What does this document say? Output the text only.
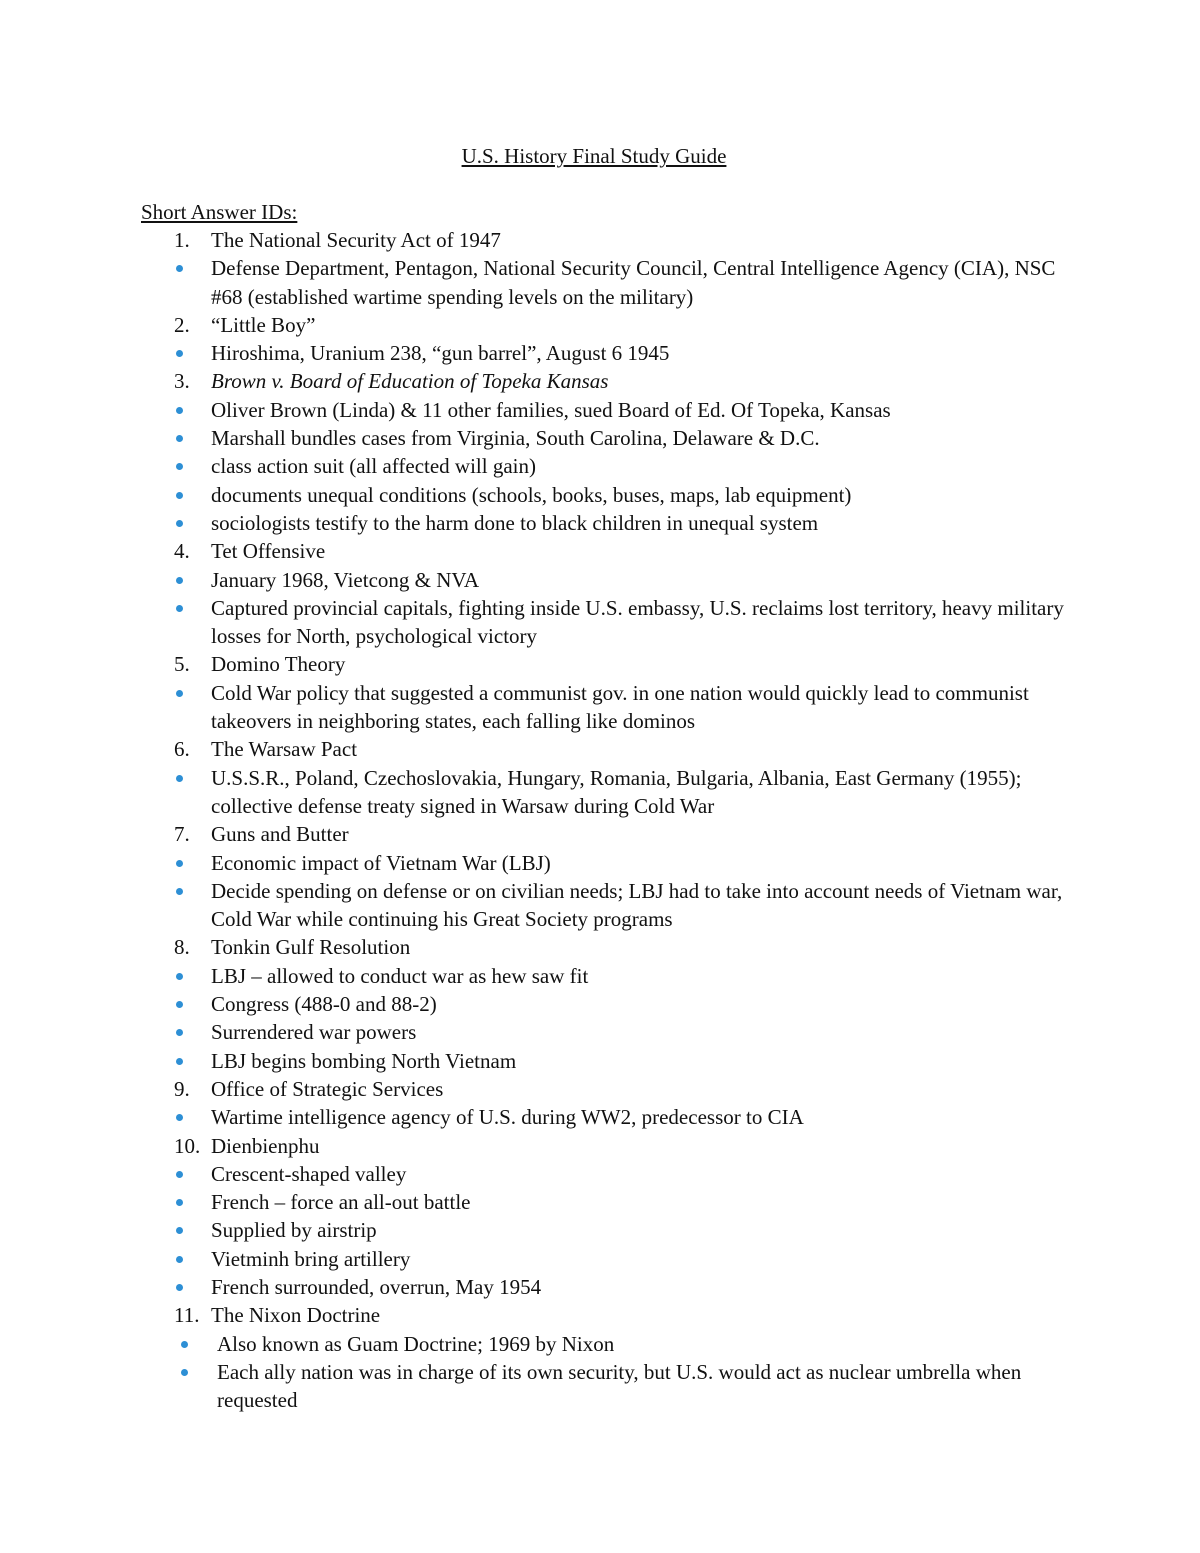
U.S. History Final Study Guide
Short Answer IDs:
1. The National Security Act of 1947
Defense Department, Pentagon, National Security Council, Central Intelligence Agency (CIA), NSC #68 (established wartime spending levels on the military)
2. “Little Boy”
Hiroshima, Uranium 238, “gun barrel”, August 6 1945
3. Brown v. Board of Education of Topeka Kansas
Oliver Brown (Linda) & 11 other families, sued Board of Ed. Of Topeka, Kansas
Marshall bundles cases from Virginia, South Carolina, Delaware & D.C.
class action suit (all affected will gain)
documents unequal conditions (schools, books, buses, maps, lab equipment)
sociologists testify to the harm done to black children in unequal system
4. Tet Offensive
January 1968, Vietcong & NVA
Captured provincial capitals, fighting inside U.S. embassy, U.S. reclaims lost territory, heavy military losses for North, psychological victory
5. Domino Theory
Cold War policy that suggested a communist gov. in one nation would quickly lead to communist takeovers in neighboring states, each falling like dominos
6. The Warsaw Pact
U.S.S.R., Poland, Czechoslovakia, Hungary, Romania, Bulgaria, Albania, East Germany (1955); collective defense treaty signed in Warsaw during Cold War
7. Guns and Butter
Economic impact of Vietnam War (LBJ)
Decide spending on defense or on civilian needs; LBJ had to take into account needs of Vietnam war, Cold War while continuing his Great Society programs
8. Tonkin Gulf Resolution
LBJ – allowed to conduct war as hew saw fit
Congress (488-0 and 88-2)
Surrendered war powers
LBJ begins bombing North Vietnam
9. Office of Strategic Services
Wartime intelligence agency of U.S. during WW2, predecessor to CIA
10. Dienbienphu
Crescent-shaped valley
French – force an all-out battle
Supplied by airstrip
Vietminh bring artillery
French surrounded, overrun, May 1954
11. The Nixon Doctrine
Also known as Guam Doctrine; 1969 by Nixon
Each ally nation was in charge of its own security, but U.S. would act as nuclear umbrella when requested
